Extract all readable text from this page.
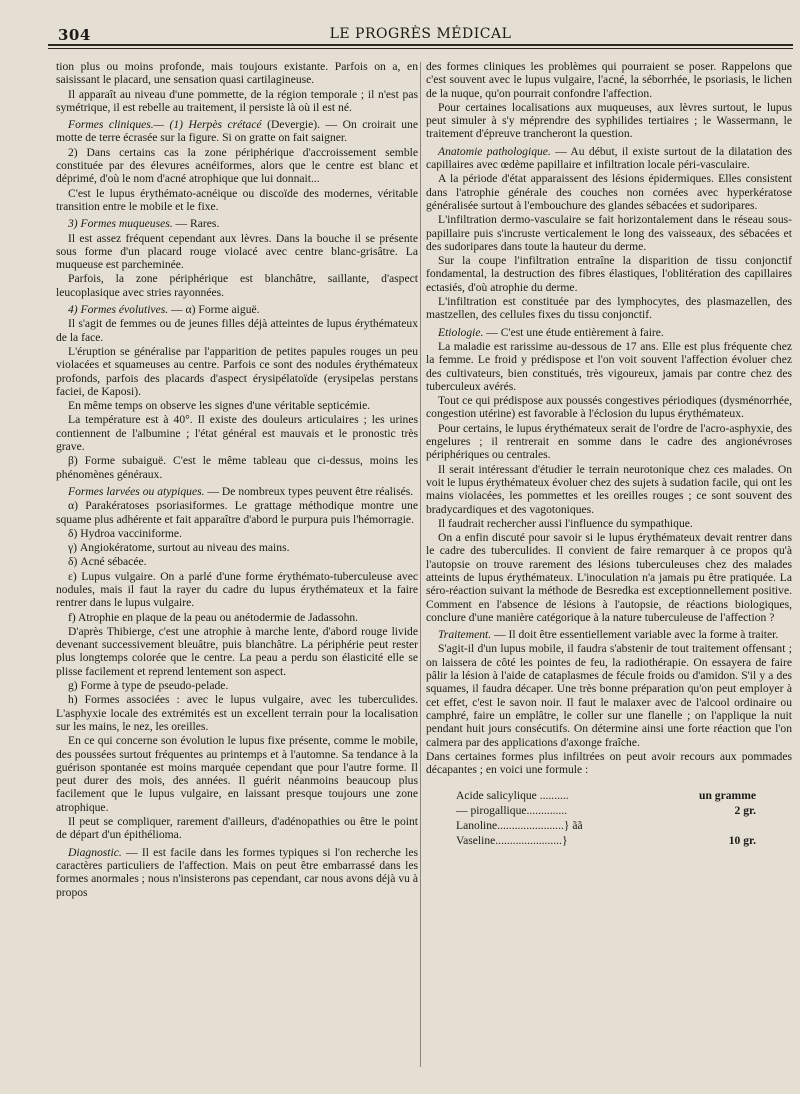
304	LE PROGRÈS MÉDICAL

tion plus ou moins profonde, mais toujours existante. Parfois on a, en saisissant le placard, une sensation quasi cartilagineuse.

Il apparaît au niveau d'une pommette, de la région temporale ; il n'est pas symétrique, il est rebelle au traitement, il persiste là où il est né.

Formes cliniques.— (1) Herpès crétacé (Devergie). — On croirait une motte de terre écrasée sur la figure. Si on gratte on fait saigner.

2) Dans certains cas la zone périphérique d'accroissement semble constituée par des élevures acnéiformes, alors que le centre est blanc et déprimé, d'où le nom d'acné atrophique que lui donnait...

C'est le lupus érythémato-acnéique ou discoïde des modernes, véritable transition entre le mobile et le fixe.

3) Formes muqueuses. — Rares.

Il est assez fréquent cependant aux lèvres. Dans la bouche il se présente sous forme d'un placard rouge violacé avec centre blanc-grisâtre. La muqueuse est parcheminée.

Parfois, la zone périphérique est blanchâtre, saillante, d'aspect leucoplasique avec stries rayonnées.

4) Formes évolutives. — α) Forme aiguë.

Il s'agit de femmes ou de jeunes filles déjà atteintes de lupus érythémateux de la face.

L'éruption se généralise par l'apparition de petites papules rouges un peu violacées et squameuses au centre. Parfois ce sont des nodules érythémateux profonds, parfois des placards d'aspect érysipélatoïde (erysipelas perstans faciei, de Kaposi).

En même temps on observe les signes d'une véritable septicémie.

La température est à 40°. Il existe des douleurs articulaires ; les urines contiennent de l'albumine ; l'état général est mauvais et le pronostic très grave.

β) Forme subaiguë. C'est le même tableau que ci-dessus, moins les phénomènes généraux.

Formes larvées ou atypiques. — De nombreux types peuvent être réalisés.

α) Parakératoses psoriasiformes. Le grattage méthodique montre une squame plus adhérente et fait apparaître d'abord le purpura puis l'hémorragie.

δ) Hydroa vacciniforme.

γ) Angiokératome, surtout au niveau des mains.

δ) Acné sébacée.

ε) Lupus vulgaire. On a parlé d'une forme érythémato-tuberculeuse avec nodules, mais il faut la rayer du cadre du lupus érythémateux et la faire rentrer dans le lupus vulgaire.

f) Atrophie en plaque de la peau ou anétodermie de Jadassohn.

D'après Thibierge, c'est une atrophie à marche lente, d'abord rouge livide devenant successivement bleuâtre, puis blanchâtre. La périphérie peut rester plus longtemps colorée que le centre. La peau a perdu son élasticité elle se plisse facilement et reprend lentement son aspect.

g) Forme à type de pseudo-pelade.

h) Formes associées : avec le lupus vulgaire, avec les tuberculides. L'asphyxie locale des extrémités est un excellent terrain pour la localisation sur les mains, le nez, les oreilles.

En ce qui concerne son évolution le lupus fixe présente, comme le mobile, des poussées surtout fréquentes au printemps et à l'automne. Sa tendance à la guérison spontanée est moins marquée cependant que pour l'autre forme. Il peut durer des mois, des années. Il guérit néanmoins beaucoup plus facilement que le lupus vulgaire, en laissant presque toujours une zone atrophique.

Il peut se compliquer, rarement d'ailleurs, d'adénopathies ou être le point de départ d'un épithélioma.

Diagnostic. — Il est facile dans les formes typiques si l'on recherche les caractères particuliers de l'affection. Mais on peut être embarrassé dans les formes anormales ; nous n'insisterons pas cependant, car nous avons déjà vu à propos

des formes cliniques les problèmes qui pourraient se poser. Rappelons que c'est souvent avec le lupus vulgaire, l'acné, la séborrhée, le psoriasis, le lichen de la nuque, qu'on pourrait confondre l'affection.

Pour certaines localisations aux muqueuses, aux lèvres surtout, le lupus peut simuler à s'y méprendre des syphilides tertiaires ; le Wassermann, le traitement d'épreuve trancheront la question.

Anatomie pathologique. — Au début, il existe surtout de la dilatation des capillaires avec œdème papillaire et infiltration locale péri-vasculaire.

A la période d'état apparaissent des lésions épidermiques. Elles consistent dans l'atrophie générale des couches non cornées avec hyperkératose généralisée surtout à l'embouchure des glandes sébacées et sudoripares.

L'infiltration dermo-vasculaire se fait horizontalement dans le réseau sous-papillaire puis s'incruste verticalement le long des vaisseaux, des sébacées et des sudoripares dans toute la hauteur du derme.

Sur la coupe l'infiltration entraîne la disparition de tissu conjonctif fondamental, la destruction des fibres élastiques, l'oblitération des capillaires ectasiés, d'où atrophie du derme.

L'infiltration est constituée par des lymphocytes, des plasmazellen, des mastzellen, des cellules fixes du tissu conjonctif.

Etiologie. — C'est une étude entièrement à faire.

La maladie est rarissime au-dessous de 17 ans. Elle est plus fréquente chez la femme. Le froid y prédispose et l'on voit souvent l'affection évoluer chez des cultivateurs, bien constitués, très vigoureux, jamais par contre chez des tuberculeux avérés.

Tout ce qui prédispose aux poussés congestives périodiques (dysménorrhée, congestion utérine) est favorable à l'éclosion du lupus érythémateux.

Pour certains, le lupus érythémateux serait de l'ordre de l'acro-asphyxie, des engelures ; il rentrerait en somme dans le cadre des angionévroses périphériques ou centrales.

Il serait intéressant d'étudier le terrain neurotonique chez ces malades. On voit le lupus érythémateux évoluer chez des sujets à sudation facile, qui ont les mains violacées, les pommettes et les oreilles rouges ; ce sont souvent des bradycardiques et des vagotoniques.

Il faudrait rechercher aussi l'influence du sympathique.

On a enfin discuté pour savoir si le lupus érythémateux devait rentrer dans le cadre des tuberculides. Il convient de faire remarquer à ce propos qu'à l'autopsie on trouve rarement des lésions tuberculeuses chez des malades atteints de lupus érythémateux. L'inoculation n'a jamais pu être pratiquée. La séro-réaction suivant la méthode de Besredka est exceptionnellement positive. Comment en l'absence de lésions à l'autopsie, de réactions biologiques, conclure d'une manière catégorique à la nature tuberculeuse de l'affection ?

Traitement. — Il doit être essentiellement variable avec la forme à traiter.

S'agit-il d'un lupus mobile, il faudra s'abstenir de tout traitement offensant ; on laissera de côté les pointes de feu, la radiothérapie. On essayera de faire pâlir la lésion à l'aide de cataplasmes de fécule froids ou d'amidon. S'il y a des squames, il faudra décaper. Une très bonne préparation qu'on peut employer à cet effet, c'est le savon noir. Il faut le malaxer avec de l'alcool ordinaire ou camphré, faire un emplâtre, le coller sur une flanelle ; on l'applique la nuit pendant huit jours consécutifs. On détermine ainsi une forte réaction que l'on calmera par des applications d'axonge fraîche.

Dans certaines formes plus infiltrées on peut avoir recours aux pommades décapantes ; en voici une formule :

Acide salicylique ..........	un gramme
— pirogallique..............	2 gr.
Lanoline.......................} ãã
Vaseline.......................}	10 gr.
